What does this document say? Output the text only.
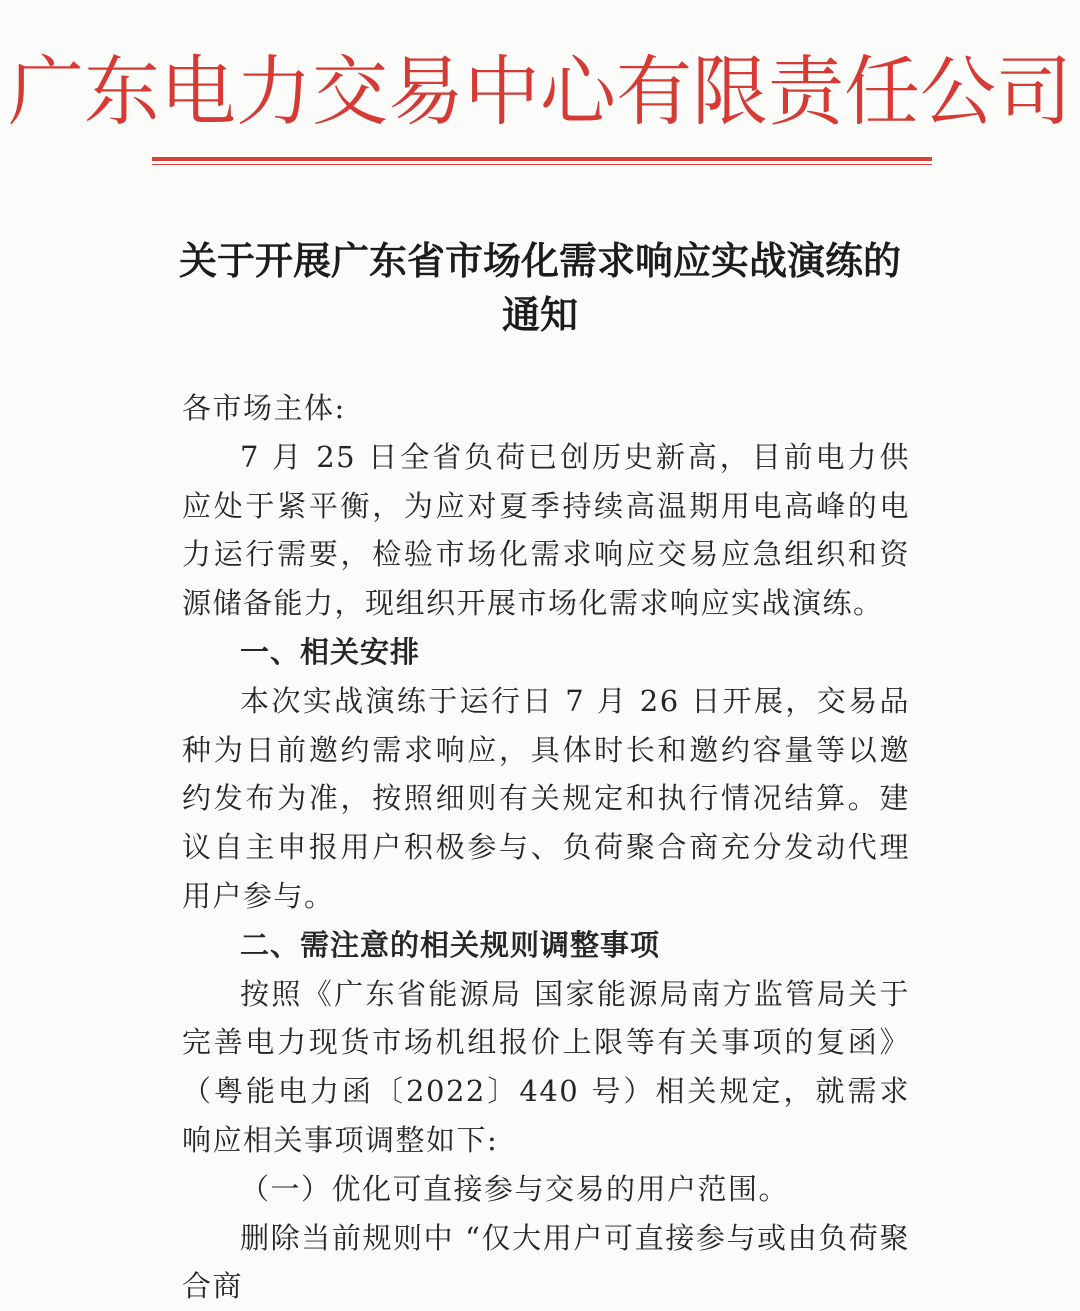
广东电力交易中心有限责任公司
关于开展广东省市场化需求响应实战演练的
通知

各市场主体:

7 月 25 日全省负荷已创历史新高，目前电力供应处于紧平衡，为应对夏季持续高温期用电高峰的电力运行需要，检验市场化需求响应交易应急组织和资源储备能力，现组织开展市场化需求响应实战演练。

一、相关安排

本次实战演练于运行日 7 月 26 日开展，交易品种为日前邀约需求响应，具体时长和邀约容量等以邀约发布为准，按照细则有关规定和执行情况结算。建议自主申报用户积极参与、负荷聚合商充分发动代理用户参与。

二、需注意的相关规则调整事项

按照《广东省能源局 国家能源局南方监管局关于完善电力现货市场机组报价上限等有关事项的复函》（粤能电力函〔2022〕440 号）相关规定，就需求响应相关事项调整如下:

（一）优化可直接参与交易的用户范围。

删除当前规则中 “仅大用户可直接参与或由负荷聚合商
